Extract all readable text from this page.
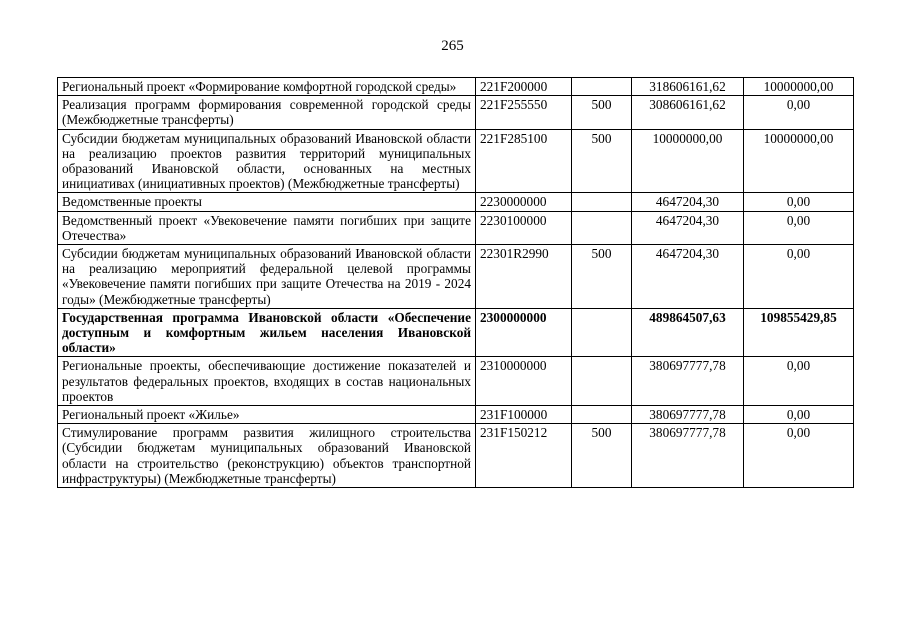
265
Региональный проект «Формирование комфортной городской среды»	221F200000		318606161,62	10000000,00
Реализация программ формирования современной городской среды (Межбюджетные трансферты)	221F255550	500	308606161,62	0,00
Субсидии бюджетам муниципальных образований Ивановской области на реализацию проектов развития территорий муниципальных образований Ивановской области, основанных на местных инициативах (инициативных проектов) (Межбюджетные трансферты)	221F285100	500	10000000,00	10000000,00
Ведомственные проекты	2230000000		4647204,30	0,00
Ведомственный проект «Увековечение памяти погибших при защите Отечества»	2230100000		4647204,30	0,00
Субсидии бюджетам муниципальных образований Ивановской области на реализацию мероприятий федеральной целевой программы «Увековечение памяти погибших при защите Отечества на 2019 - 2024 годы» (Межбюджетные трансферты)	22301R2990	500	4647204,30	0,00
Государственная программа Ивановской области «Обеспечение доступным и комфортным жильем населения Ивановской области»	2300000000		489864507,63	109855429,85
Региональные проекты, обеспечивающие достижение показателей и результатов федеральных проектов, входящих в состав национальных проектов	2310000000		380697777,78	0,00
Региональный проект «Жилье»	231F100000		380697777,78	0,00
Стимулирование программ развития жилищного строительства (Субсидии бюджетам муниципальных образований Ивановской области на строительство (реконструкцию) объектов транспортной инфраструктуры) (Межбюджетные трансферты)	231F150212	500	380697777,78	0,00
